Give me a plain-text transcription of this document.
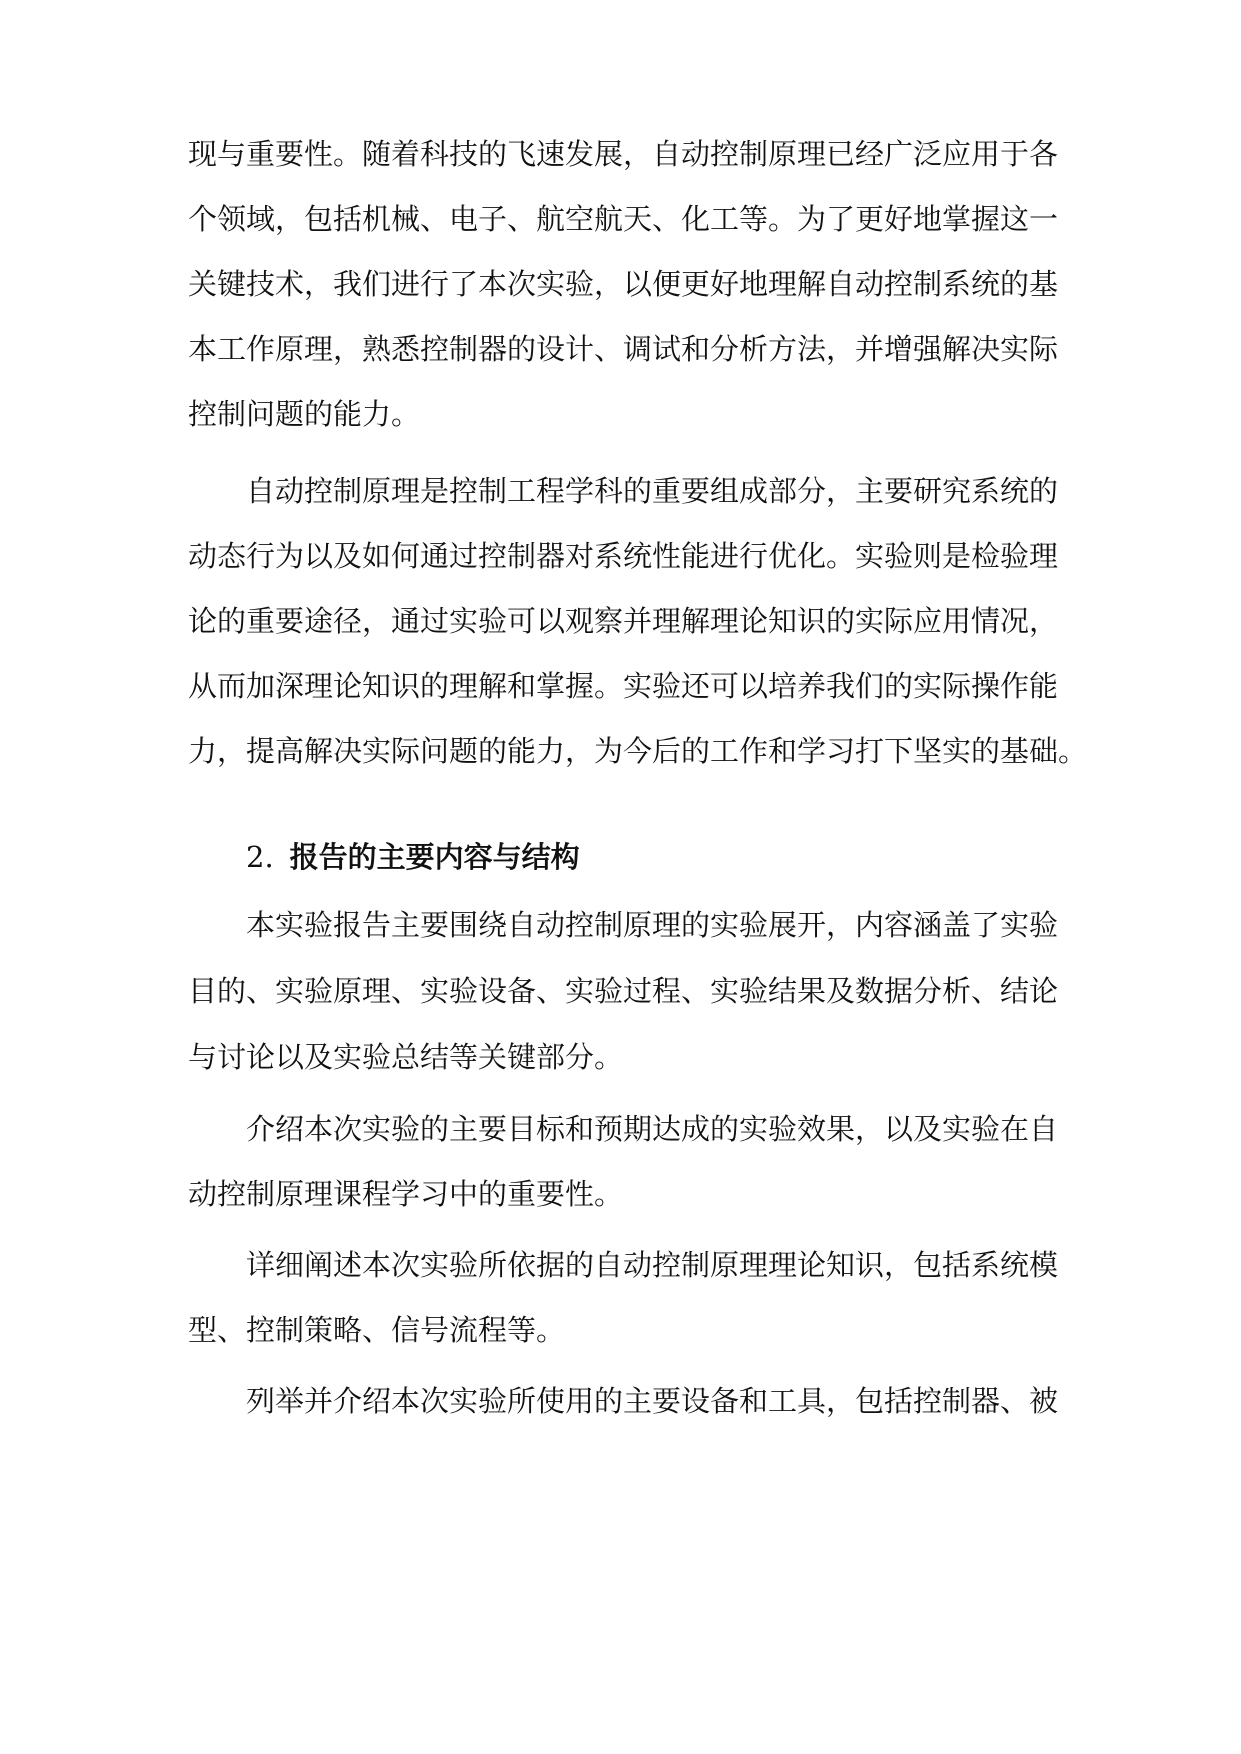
现与重要性。随着科技的飞速发展，自动控制原理已经广泛应用于各
个领域，包括机械、电子、航空航天、化工等。为了更好地掌握这一
关键技术，我们进行了本次实验，以便更好地理解自动控制系统的基
本工作原理，熟悉控制器的设计、调试和分析方法，并增强解决实际
控制问题的能力。
自动控制原理是控制工程学科的重要组成部分，主要研究系统的
动态行为以及如何通过控制器对系统性能进行优化。实验则是检验理
论的重要途径，通过实验可以观察并理解理论知识的实际应用情况，
从而加深理论知识的理解和掌握。实验还可以培养我们的实际操作能
力，提高解决实际问题的能力，为今后的工作和学习打下坚实的基础。
2. 报告的主要内容与结构
本实验报告主要围绕自动控制原理的实验展开，内容涵盖了实验
目的、实验原理、实验设备、实验过程、实验结果及数据分析、结论
与讨论以及实验总结等关键部分。
介绍本次实验的主要目标和预期达成的实验效果，以及实验在自
动控制原理课程学习中的重要性。
详细阐述本次实验所依据的自动控制原理理论知识，包括系统模
型、控制策略、信号流程等。
列举并介绍本次实验所使用的主要设备和工具，包括控制器、被
